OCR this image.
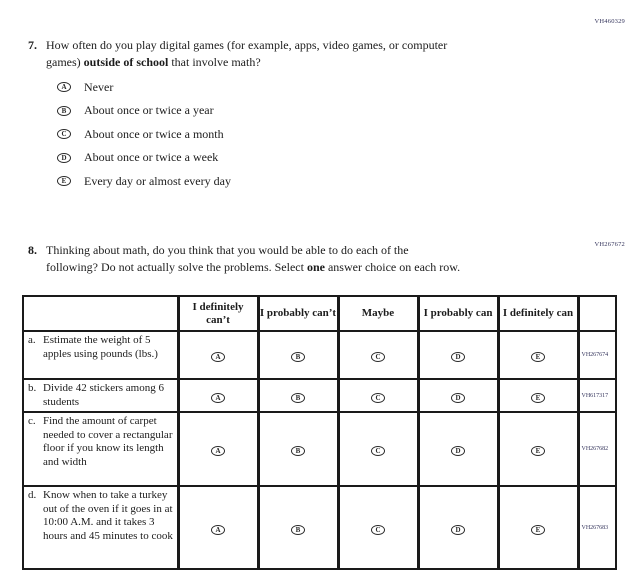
VH460329
7. How often do you play digital games (for example, apps, video games, or computer
games) outside of school that involve math?
A	Never
B	About once or twice a year
C	About once or twice a month
D	About once or twice a week
E	Every day or almost every day
VH267672
8. Thinking about math, do you think that you would be able to do each of the
following? Do not actually solve the problems. Select one answer choice on each row.
	I definitely can’t	I probably can’t	Maybe	I probably can	I definitely can	

a. Estimate the weight of 5 apples using pounds (lbs.)	A	B	C	D	E	VH267674

b. Divide 42 stickers among 6 students	A	B	C	D	E	VH617317

c. Find the amount of carpet needed to cover a rectangular floor if you know its length and width	A	B	C	D	E	VH267682

d. Know when to take a turkey out of the oven if it goes in at 10:00 A.M. and it takes 3 hours and 45 minutes to cook	A	B	C	D	E	VH267683
